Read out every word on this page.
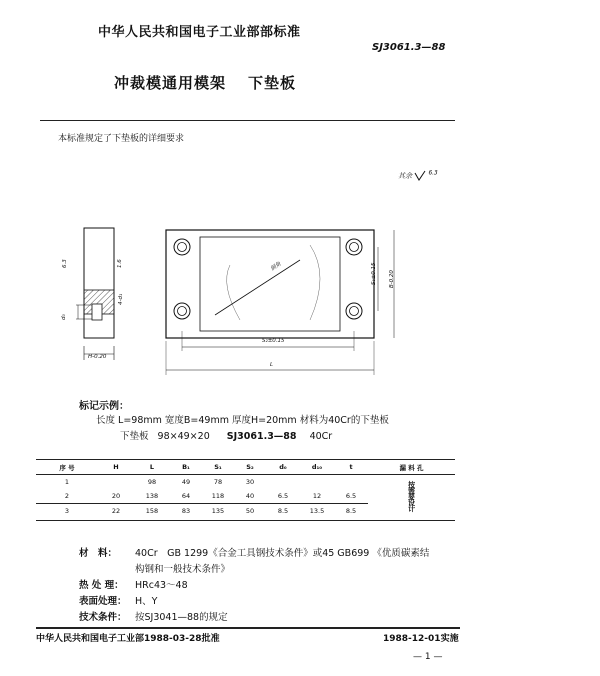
中华人民共和国电子工业部部标准
SJ3061.3—88
冲裁模通用模架 下垫板
本标准规定了下垫板的详细要求
其余	$^{6.3}$
6.3	1.6
4-d₁
d₀
H-0.20
倒角
S₂±0.15
L
S₁±0.15 B-0.20
标记示例：
长度 L=98mm 宽度B=49mm 厚度H=20mm 材料为40Cr的下垫板
下垫板 98×49×20 SJ3061.3—88 40Cr
序 号	H	L	B₁	S₁	S₂	d₀	d₁₀	t	漏 料 孔
1		98	49	78	30				按需要设计
2	20	138	64	118	40	6.5	12	6.5	
3	22	158	83	135	50	8.5	13.5	8.5	
材　料： 40Cr　GB 1299《合金工具钢技术条件》或45 GB699 《优质碳素结
构钢和一般技术条件》
热 处 理： HRc43～48
表面处理： H、Y
技术条件： 按SJ3041—88的规定
中华人民共和国电子工业部1988-03-28批准	1988-12-01实施
— 1 —
